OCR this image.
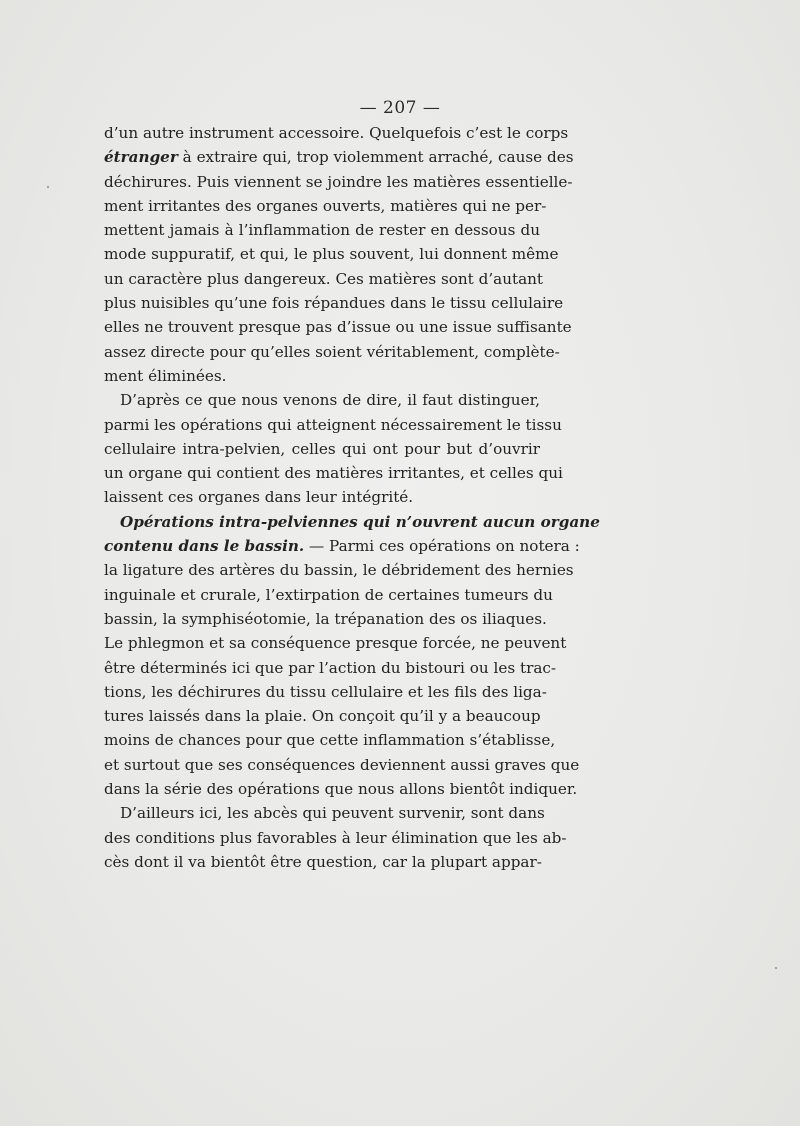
— 207 —
d’un autre instrument accessoire. Quelquefois c’est le corps
étranger à extraire qui, trop violemment arraché, cause des
déchirures. Puis viennent se joindre les matières essentielle-
ment irritantes des organes ouverts, matières qui ne per-
mettent jamais à l’inflammation de rester en dessous du
mode suppuratif, et qui, le plus souvent, lui donnent même
un caractère plus dangereux. Ces matières sont d’autant
plus nuisibles qu’une fois répandues dans le tissu cellulaire
elles ne trouvent presque pas d’issue ou une issue suffisante
assez directe pour qu’elles soient véritablement, complète-
ment éliminées.
D’après ce que nous venons de dire, il faut distinguer,
parmi les opérations qui atteignent nécessairement le tissu
cellulaire intra-pelvien, celles qui ont pour but d’ouvrir
un organe qui contient des matières irritantes, et celles qui
laissent ces organes dans leur intégrité.
Opérations intra-pelviennes qui n’ouvrent aucun organe
contenu dans le bassin. — Parmi ces opérations on notera :
la ligature des artères du bassin, le débridement des hernies
inguinale et crurale, l’extirpation de certaines tumeurs du
bassin, la symphiséotomie, la trépanation des os iliaques.
Le phlegmon et sa conséquence presque forcée, ne peuvent
être déterminés ici que par l’action du bistouri ou les trac-
tions, les déchirures du tissu cellulaire et les fils des liga-
tures laissés dans la plaie. On conçoit qu’il y a beaucoup
moins de chances pour que cette inflammation s’établisse,
et surtout que ses conséquences deviennent aussi graves que
dans la série des opérations que nous allons bientôt indiquer.
D’ailleurs ici, les abcès qui peuvent survenir, sont dans
des conditions plus favorables à leur élimination que les ab-
cès dont il va bientôt être question, car la plupart appar-
